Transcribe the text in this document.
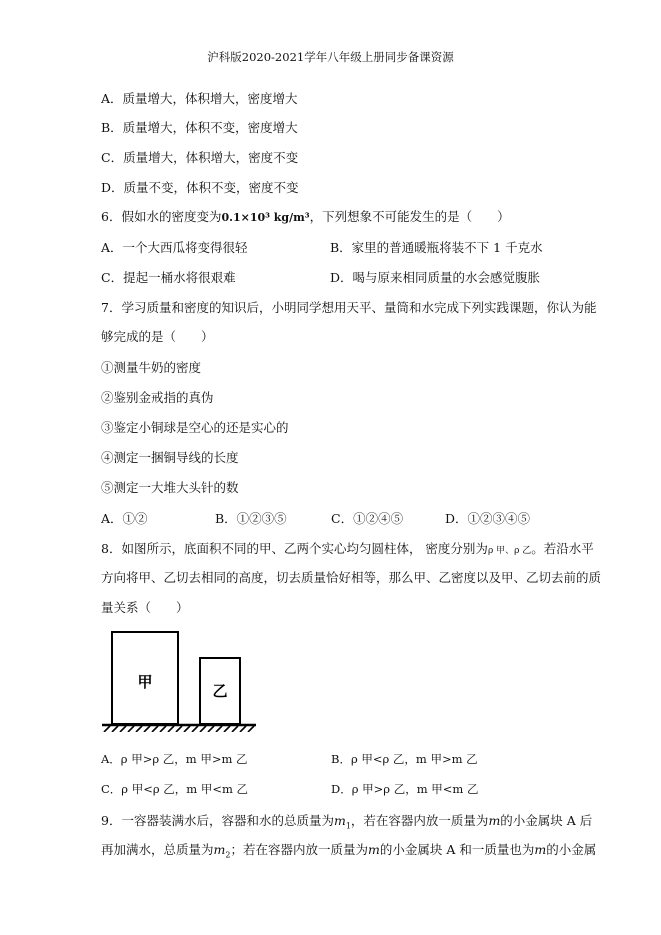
沪科版2020-2021学年八年级上册同步备课资源
A．质量增大，体积增大，密度增大
B．质量增大，体积不变，密度增大
C．质量增大，体积增大，密度不变
D．质量不变，体积不变，密度不变
6．假如水的密度变为0.1×10³ kg/m³，下列想象不可能发生的是（　　）
A．一个大西瓜将变得很轻	B．家里的普通暖瓶将装不下 1 千克水
C．提起一桶水将很艰难	D．喝与原来相同质量的水会感觉腹胀
7．学习质量和密度的知识后，小明同学想用天平、量筒和水完成下列实践课题，你认为能
够完成的是（　　）
①测量牛奶的密度
②鉴别金戒指的真伪
③鉴定小铜球是空心的还是实心的
④测定一捆铜导线的长度
⑤测定一大堆大头针的数
A．①②	B．①②③⑤	C．①②④⑤	D．①②③④⑤
8．如图所示，底面积不同的甲、乙两个实心均匀圆柱体， 密度分别为ρ 甲、ρ 乙。若沿水平
方向将甲、乙切去相同的高度，切去质量恰好相等，那么甲、乙密度以及甲、乙切去前的质
量关系（　　）
甲	乙
A．ρ 甲>ρ 乙，m 甲>m 乙	B．ρ 甲<ρ 乙，m 甲>m 乙
C．ρ 甲<ρ 乙，m 甲<m 乙	D．ρ 甲>ρ 乙，m 甲<m 乙
9．一容器装满水后，容器和水的总质量为$m_1$，若在容器内放一质量为m的小金属块 A 后
再加满水，总质量为$m_2$；若在容器内放一质量为m的小金属块 A 和一质量也为m的小金属
